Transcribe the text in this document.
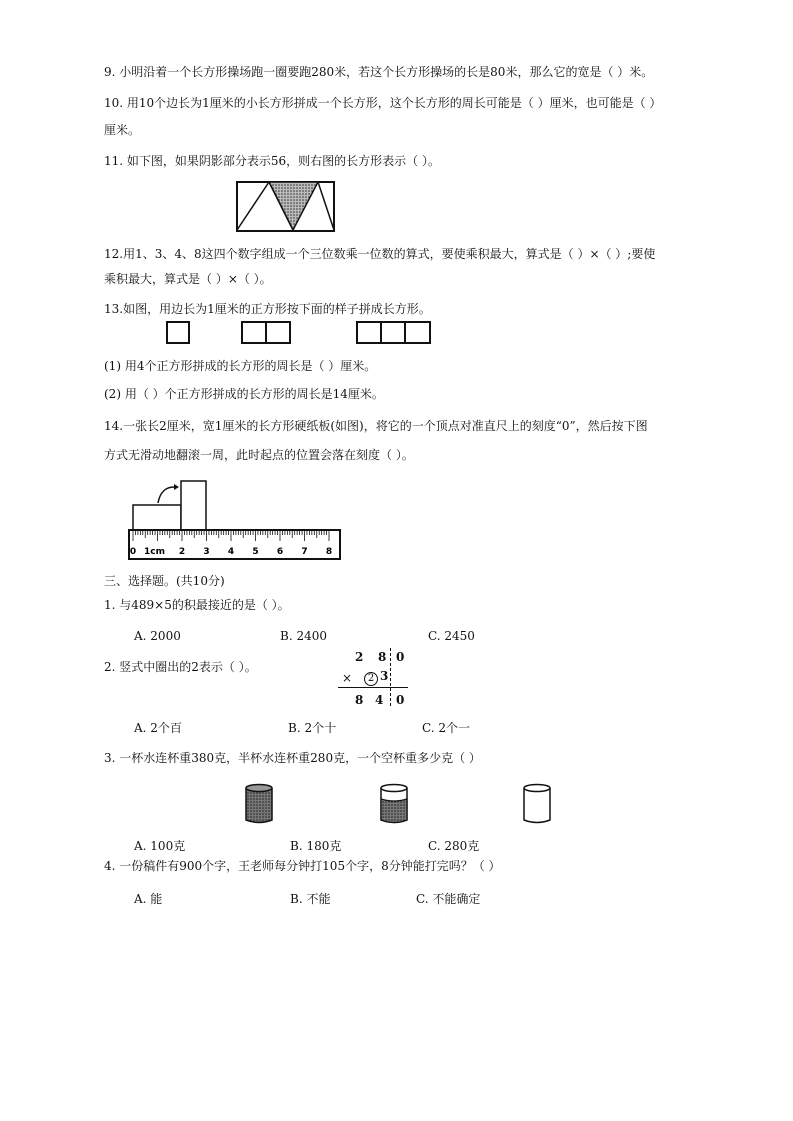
9. 小明沿着一个长方形操场跑一圈要跑280米，若这个长方形操场的长是80米，那么它的宽是（ ）米。
10. 用10个边长为1厘米的小长方形拼成一个长方形，这个长方形的周长可能是（ ）厘米，也可能是（ ）
厘米。
11. 如下图，如果阴影部分表示56，则右图的长方形表示（ ）。
12.用1、3、4、8这四个数字组成一个三位数乘一位数的算式，要使乘积最大，算式是（ ）×（ ）;要使
乘积最大，算式是（ ）×（ ）。
13.如图，用边长为1厘米的正方形按下面的样子拼成长方形。
(1) 用4个正方形拼成的长方形的周长是（ ）厘米。
(2) 用（ ）个正方形拼成的长方形的周长是14厘米。
14.一张长2厘米，宽1厘米的长方形硬纸板(如图)，将它的一个顶点对准直尺上的刻度“0”，然后按下图
方式无滑动地翻滚一周，此时起点的位置会落在刻度（ ）。
0 1cm 2 3 4 5 6 7 8
三、选择题。(共10分)
1. 与489×5的积最接近的是（ ）。
A. 2000	B. 2400	C. 2450
2. 竖式中圈出的2表示（ ）。
2 8 0
×	2 3
8 4 0
A. 2个百	B. 2个十	C. 2个一
3. 一杯水连杯重380克，半杯水连杯重280克，一个空杯重多少克（ ）
A. 100克	B. 180克	C. 280克
4. 一份稿件有900个字，王老师每分钟打105个字，8分钟能打完吗？（ ）
A. 能	B. 不能	C. 不能确定
